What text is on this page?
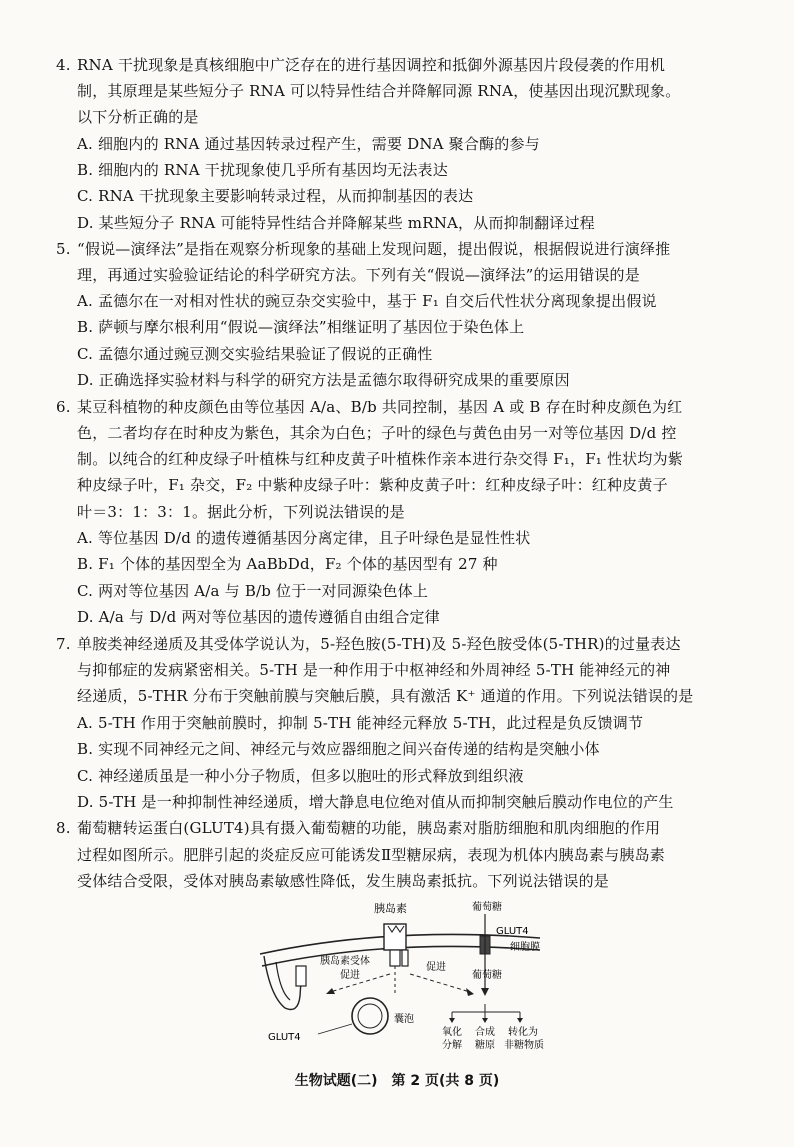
4. RNA 干扰现象是真核细胞中广泛存在的进行基因调控和抵御外源基因片段侵袭的作用机
制，其原理是某些短分子 RNA 可以特异性结合并降解同源 RNA，使基因出现沉默现象。
以下分析正确的是
A. 细胞内的 RNA 通过基因转录过程产生，需要 DNA 聚合酶的参与
B. 细胞内的 RNA 干扰现象使几乎所有基因均无法表达
C. RNA 干扰现象主要影响转录过程，从而抑制基因的表达
D. 某些短分子 RNA 可能特异性结合并降解某些 mRNA，从而抑制翻译过程
5. “假说—演绎法”是指在观察分析现象的基础上发现问题，提出假说，根据假说进行演绎推
理，再通过实验验证结论的科学研究方法。下列有关“假说—演绎法”的运用错误的是
A. 孟德尔在一对相对性状的豌豆杂交实验中，基于 F₁ 自交后代性状分离现象提出假说
B. 萨顿与摩尔根利用“假说—演绎法”相继证明了基因位于染色体上
C. 孟德尔通过豌豆测交实验结果验证了假说的正确性
D. 正确选择实验材料与科学的研究方法是孟德尔取得研究成果的重要原因
6. 某豆科植物的种皮颜色由等位基因 A/a、B/b 共同控制，基因 A 或 B 存在时种皮颜色为红
色，二者均存在时种皮为紫色，其余为白色；子叶的绿色与黄色由另一对等位基因 D/d 控
制。以纯合的红种皮绿子叶植株与红种皮黄子叶植株作亲本进行杂交得 F₁，F₁ 性状均为紫
种皮绿子叶，F₁ 杂交，F₂ 中紫种皮绿子叶：紫种皮黄子叶：红种皮绿子叶：红种皮黄子
叶＝3：1：3：1。据此分析，下列说法错误的是
A. 等位基因 D/d 的遗传遵循基因分离定律，且子叶绿色是显性性状
B. F₁ 个体的基因型全为 AaBbDd，F₂ 个体的基因型有 27 种
C. 两对等位基因 A/a 与 B/b 位于一对同源染色体上
D. A/a 与 D/d 两对等位基因的遗传遵循自由组合定律
7. 单胺类神经递质及其受体学说认为，5-羟色胺(5-TH)及 5-羟色胺受体(5-THR)的过量表达
与抑郁症的发病紧密相关。5-TH 是一种作用于中枢神经和外周神经 5-TH 能神经元的神
经递质，5-THR 分布于突触前膜与突触后膜，具有激活 K⁺ 通道的作用。下列说法错误的是
A. 5-TH 作用于突触前膜时，抑制 5-TH 能神经元释放 5-TH，此过程是负反馈调节
B. 实现不同神经元之间、神经元与效应器细胞之间兴奋传递的结构是突触小体
C. 神经递质虽是一种小分子物质，但多以胞吐的形式释放到组织液
D. 5-TH 是一种抑制性神经递质，增大静息电位绝对值从而抑制突触后膜动作电位的产生
8. 葡萄糖转运蛋白(GLUT4)具有摄入葡萄糖的功能，胰岛素对脂肪细胞和肌肉细胞的作用
过程如图所示。肥胖引起的炎症反应可能诱发Ⅱ型糖尿病，表现为机体内胰岛素与胰岛素
受体结合受限，受体对胰岛素敏感性降低，发生胰岛素抵抗。下列说法错误的是
胰岛素	葡萄糖
GLUT4
细胞膜
胰岛素受体
促进
促进
葡萄糖
囊泡
GLUT4	氧化
分解
合成
糖原
转化为
非糖物质
生物试题(二)　第 2 页(共 8 页)
